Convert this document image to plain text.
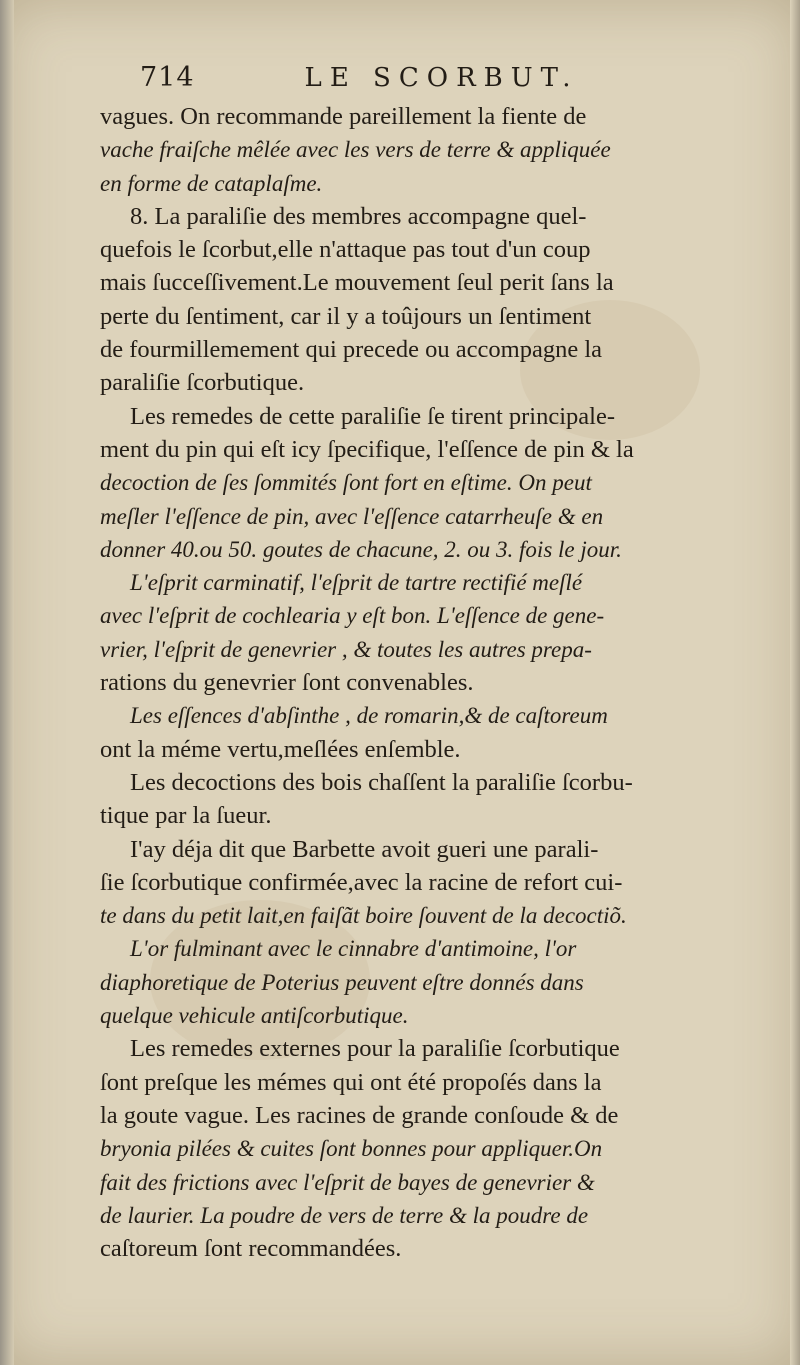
714	LE SCORBUT.
vagues. On recommande pareillement la fiente de
vache fraiſche mêlée avec les vers de terre & appliquée
en forme de cataplaſme.
8. La paraliſie des membres accompagne quel-
quefois le ſcorbut,elle n'attaque pas tout d'un coup
mais ſucceſſivement.Le mouvement ſeul perit ſans la
perte du ſentiment, car il y a toûjours un ſentiment
de fourmillemement qui precede ou accompagne la
paraliſie ſcorbutique.
Les remedes de cette paraliſie ſe tirent principale-
ment du pin qui eſt icy ſpecifique, l'eſſence de pin & la
decoction de ſes ſommités ſont fort en eſtime. On peut
meſler l'eſſence de pin, avec l'eſſence catarrheuſe & en
donner 40.ou 50. goutes de chacune, 2. ou 3. fois le jour.
L'eſprit carminatif, l'eſprit de tartre rectifié meſlé
avec l'eſprit de cochlearia y eſt bon. L'eſſence de gene-
vrier, l'eſprit de genevrier , & toutes les autres prepa-
rations du genevrier ſont convenables.
Les eſſences d'abſinthe , de romarin,& de caſtoreum
ont la méme vertu,meſlées enſemble.
Les decoctions des bois chaſſent la paraliſie ſcorbu-
tique par la ſueur.
I'ay déja dit que Barbette avoit gueri une parali-
ſie ſcorbutique confirmée,avec la racine de refort cui-
te dans du petit lait,en faiſãt boire ſouvent de la decoctiõ.
L'or fulminant avec le cinnabre d'antimoine, l'or
diaphoretique de Poterius peuvent eſtre donnés dans
quelque vehicule antiſcorbutique.
Les remedes externes pour la paraliſie ſcorbutique
ſont preſque les mémes qui ont été propoſés dans la
la goute vague. Les racines de grande conſoude & de
bryonia pilées & cuites ſont bonnes pour appliquer.On
fait des frictions avec l'eſprit de bayes de genevrier &
de laurier. La poudre de vers de terre & la poudre de
caſtoreum ſont recommandées.
